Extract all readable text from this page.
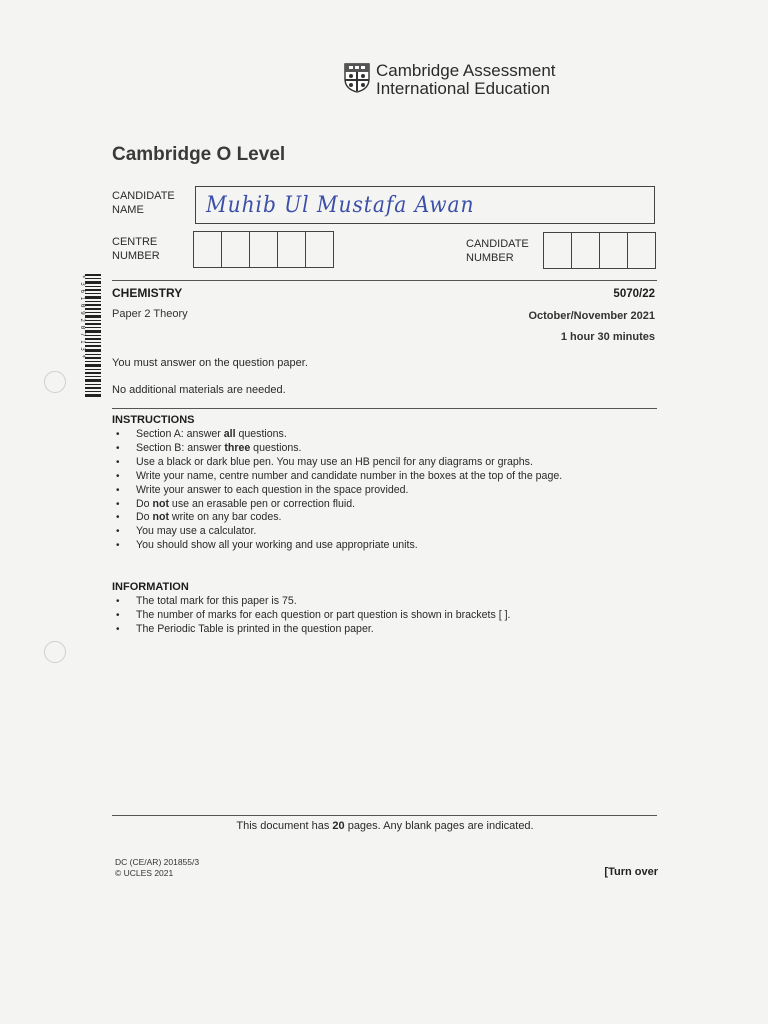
Cambridge Assessment
International Education
Cambridge O Level
CANDIDATE
NAME	Muhib Ul Mustafa Awan
CENTRE
NUMBER
CANDIDATE
NUMBER
CHEMISTRY	5070/22
Paper 2 Theory	October/November 2021
1 hour 30 minutes
You must answer on the question paper.
No additional materials are needed.
INSTRUCTIONS
• Section A: answer all questions.
• Section B: answer three questions.
• Use a black or dark blue pen. You may use an HB pencil for any diagrams or graphs.
• Write your name, centre number and candidate number in the boxes at the top of the page.
• Write your answer to each question in the space provided.
• Do not use an erasable pen or correction fluid.
• Do not write on any bar codes.
• You may use a calculator.
• You should show all your working and use appropriate units.
INFORMATION
• The total mark for this paper is 75.
• The number of marks for each question or part question is shown in brackets [ ].
• The Periodic Table is printed in the question paper.
This document has 20 pages. Any blank pages are indicated.
DC (CE/AR) 201855/3
© UCLES 2021	[Turn over
* 3 6 1 0 9 2 0 7 1 3 *
